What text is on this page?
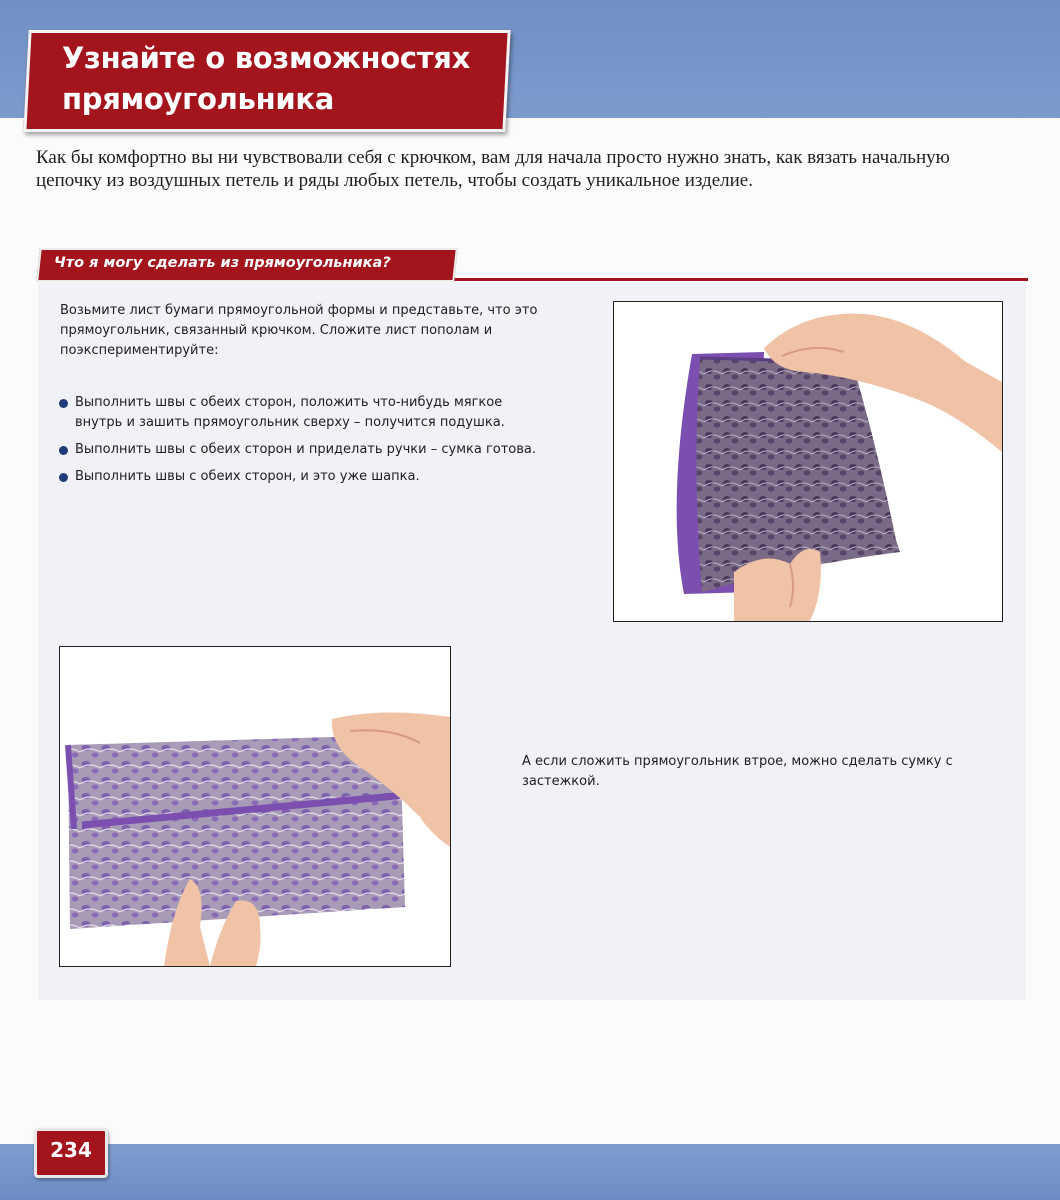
Узнайте о возможностях
прямоугольника

Как бы комфортно вы ни чувствовали себя с крючком, вам для начала просто нужно знать, как вязать начальную цепочку из воздушных петель и ряды любых петель, чтобы создать уникальное изделие.

Что я могу сделать из прямоугольника?

Возьмите лист бумаги прямоугольной формы и представьте, что это прямоугольник, связанный крючком. Сложите лист пополам и поэкспериментируйте:

Выполнить швы с обеих сторон, положить что-нибудь мягкое внутрь и зашить прямоугольник сверху – получится подушка.
Выполнить швы с обеих сторон и приделать ручки – сумка готова.
Выполнить швы с обеих сторон, и это уже шапка.

А если сложить прямоугольник втрое, можно сделать сумку с застежкой.

234
